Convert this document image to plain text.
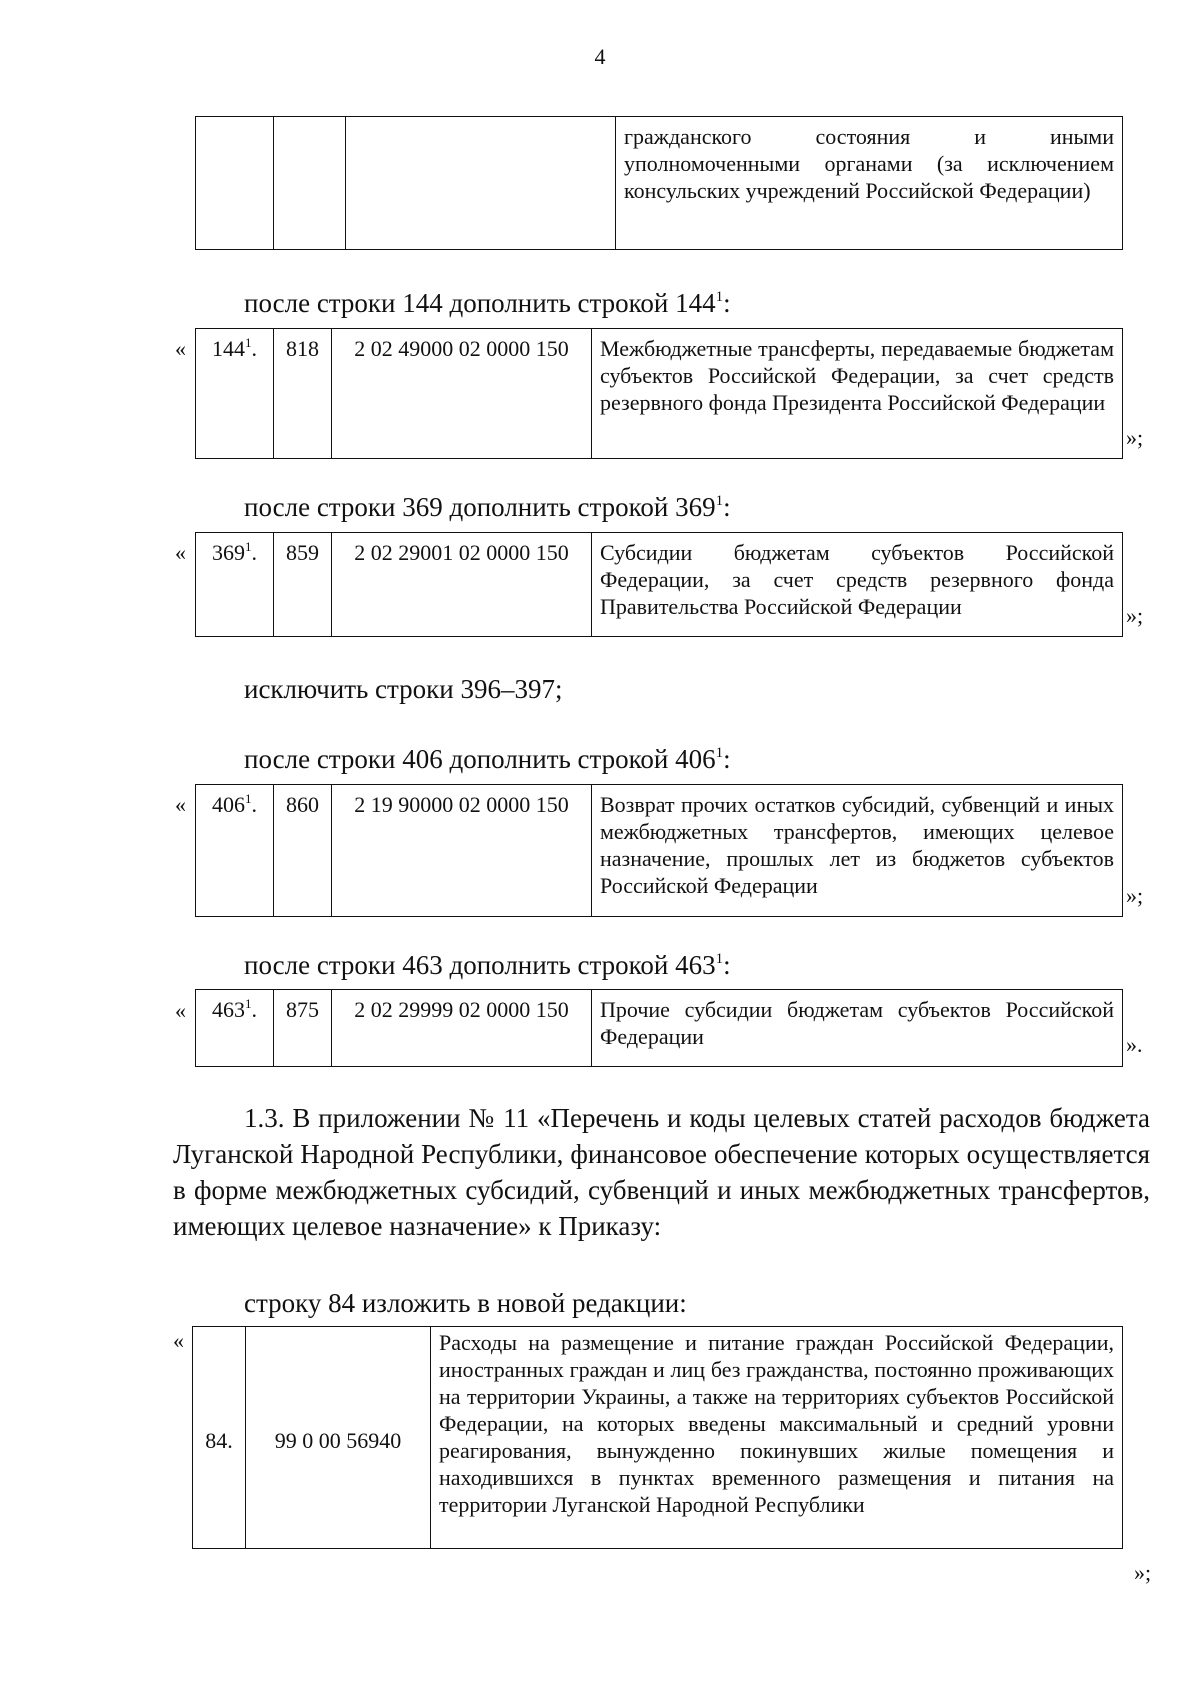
4
			гражданского состояния и иными уполномоченными органами (за исключением консульских учреждений Российской Федерации)
после строки 144 дополнить строкой $144^1$:
« $144^1$.	818	2 02 49000 02 0000 150	Межбюджетные трансферты, передаваемые бюджетам субъектов Российской Федерации, за счет средств резервного фонда Президента Российской Федерации
»;
после строки 369 дополнить строкой $369^1$:
« $369^1$.	859	2 02 29001 02 0000 150	Субсидии бюджетам субъектов Российской Федерации, за счет средств резервного фонда Правительства Российской Федерации	»;
исключить строки 396–397;
после строки 406 дополнить строкой $406^1$:
« $406^1$.	860	2 19 90000 02 0000 150	Возврат прочих остатков субсидий, субвенций и иных межбюджетных трансфертов, имеющих целевое назначение, прошлых лет из бюджетов субъектов Российской Федерации	»;
после строки 463 дополнить строкой $463^1$:
« $463^1$.	875	2 02 29999 02 0000 150	Прочие субсидии бюджетам субъектов Российской Федерации	».
1.3. В приложении № 11 «Перечень и коды целевых статей расходов бюджета Луганской Народной Республики, финансовое обеспечение которых осуществляется в форме межбюджетных субсидий, субвенций и иных межбюджетных трансфертов, имеющих целевое назначение» к Приказу:
строку 84 изложить в новой редакции:
«
84.	99 0 00 56940	Расходы на размещение и питание граждан Российской Федерации, иностранных граждан и лиц без гражданства, постоянно проживающих на территории Украины, а также на территориях субъектов Российской Федерации, на которых введены максимальный и средний уровни реагирования, вынужденно покинувших жилые помещения и находившихся в пунктах временного размещения и питания на территории Луганской Народной Республики
»;
